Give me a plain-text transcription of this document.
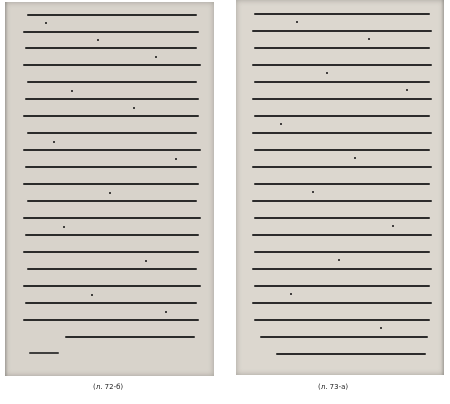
(л. 72-б)	(л. 73-а)
